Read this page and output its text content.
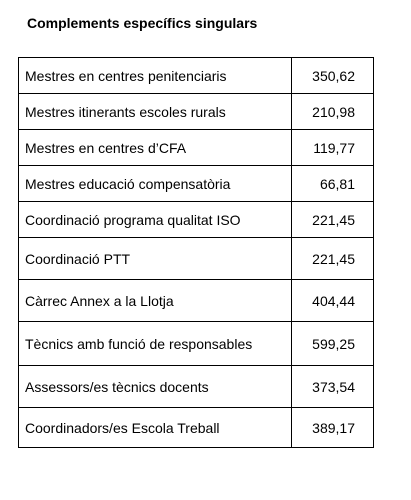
Complements específics singulars
Mestres en centres penitenciaris	350,62
Mestres itinerants escoles rurals	210,98
Mestres en centres d’CFA	119,77
Mestres educació compensatòria	66,81
Coordinació programa qualitat ISO	221,45
Coordinació PTT	221,45
Càrrec Annex a la Llotja	404,44
Tècnics amb funció de responsables	599,25
Assessors/es tècnics docents	373,54
Coordinadors/es Escola Treball	389,17
